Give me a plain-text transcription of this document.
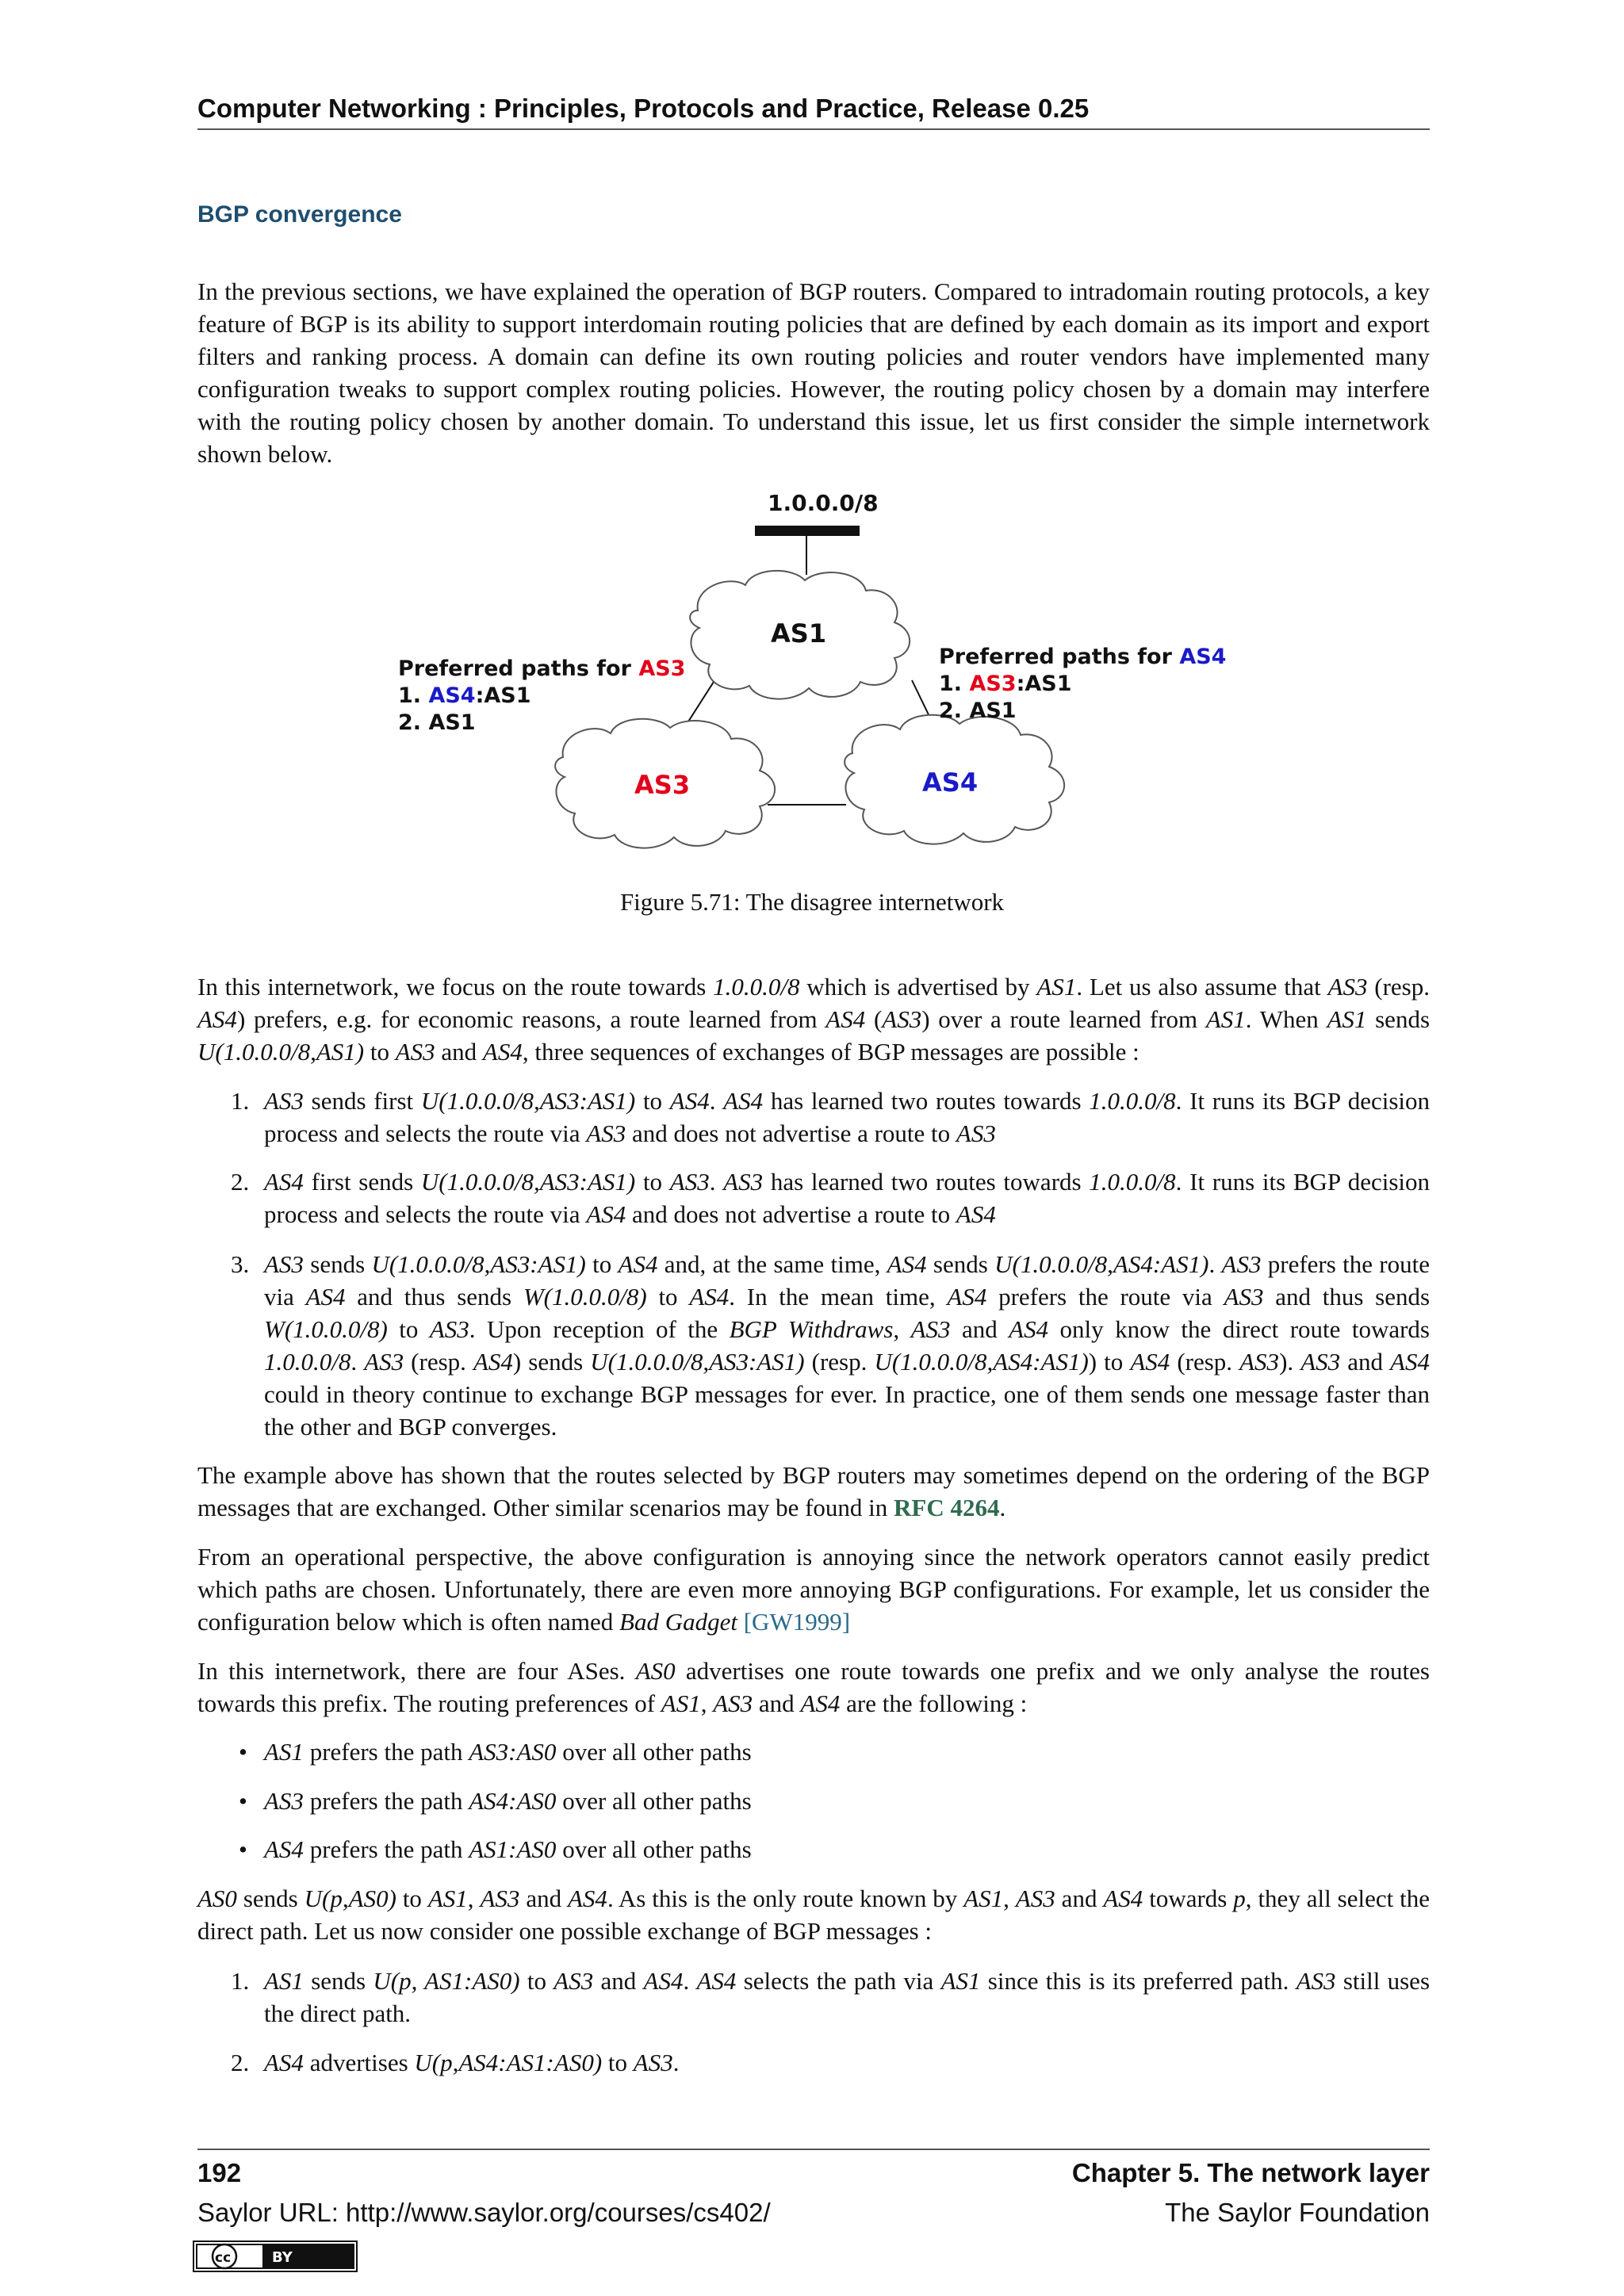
Computer Networking : Principles, Protocols and Practice, Release 0.25
BGP convergence
In the previous sections, we have explained the operation of BGP routers. Compared to intradomain routing protocols, a key feature of BGP is its ability to support interdomain routing policies that are defined by each domain as its import and export filters and ranking process. A domain can define its own routing policies and router vendors have implemented many configuration tweaks to support complex routing policies. However, the routing policy chosen by a domain may interfere with the routing policy chosen by another domain. To understand this issue, let us first consider the simple internetwork shown below.
1.0.0.0/8
AS1
AS3	AS4
Preferred paths for AS3
1. AS4:AS1
2. AS1
Preferred paths for AS4
1. AS3:AS1
2. AS1
Figure 5.71: The disagree internetwork
In this internetwork, we focus on the route towards 1.0.0.0/8 which is advertised by AS1. Let us also assume that AS3 (resp. AS4) prefers, e.g. for economic reasons, a route learned from AS4 (AS3) over a route learned from AS1. When AS1 sends U(1.0.0.0/8,AS1) to AS3 and AS4, three sequences of exchanges of BGP messages are possible :
1. AS3 sends first U(1.0.0.0/8,AS3:AS1) to AS4. AS4 has learned two routes towards 1.0.0.0/8. It runs its BGP decision process and selects the route via AS3 and does not advertise a route to AS3
2. AS4 first sends U(1.0.0.0/8,AS3:AS1) to AS3. AS3 has learned two routes towards 1.0.0.0/8. It runs its BGP decision process and selects the route via AS4 and does not advertise a route to AS4
3. AS3 sends U(1.0.0.0/8,AS3:AS1) to AS4 and, at the same time, AS4 sends U(1.0.0.0/8,AS4:AS1). AS3 prefers the route via AS4 and thus sends W(1.0.0.0/8) to AS4. In the mean time, AS4 prefers the route via AS3 and thus sends W(1.0.0.0/8) to AS3. Upon reception of the BGP Withdraws, AS3 and AS4 only know the direct route towards 1.0.0.0/8. AS3 (resp. AS4) sends U(1.0.0.0/8,AS3:AS1) (resp. U(1.0.0.0/8,AS4:AS1)) to AS4 (resp. AS3). AS3 and AS4 could in theory continue to exchange BGP messages for ever. In practice, one of them sends one message faster than the other and BGP converges.
The example above has shown that the routes selected by BGP routers may sometimes depend on the ordering of the BGP messages that are exchanged. Other similar scenarios may be found in RFC 4264.
From an operational perspective, the above configuration is annoying since the network operators cannot easily predict which paths are chosen. Unfortunately, there are even more annoying BGP configurations. For example, let us consider the configuration below which is often named Bad Gadget [GW1999]
In this internetwork, there are four ASes. AS0 advertises one route towards one prefix and we only analyse the routes towards this prefix. The routing preferences of AS1, AS3 and AS4 are the following :
• AS1 prefers the path AS3:AS0 over all other paths
• AS3 prefers the path AS4:AS0 over all other paths
• AS4 prefers the path AS1:AS0 over all other paths
AS0 sends U(p,AS0) to AS1, AS3 and AS4. As this is the only route known by AS1, AS3 and AS4 towards p, they all select the direct path. Let us now consider one possible exchange of BGP messages :
1. AS1 sends U(p, AS1:AS0) to AS3 and AS4. AS4 selects the path via AS1 since this is its preferred path. AS3 still uses the direct path.
2. AS4 advertises U(p,AS4:AS1:AS0) to AS3.
192	Chapter 5. The network layer
Saylor URL: http://www.saylor.org/courses/cs402/	The Saylor Foundation
cc	BY
